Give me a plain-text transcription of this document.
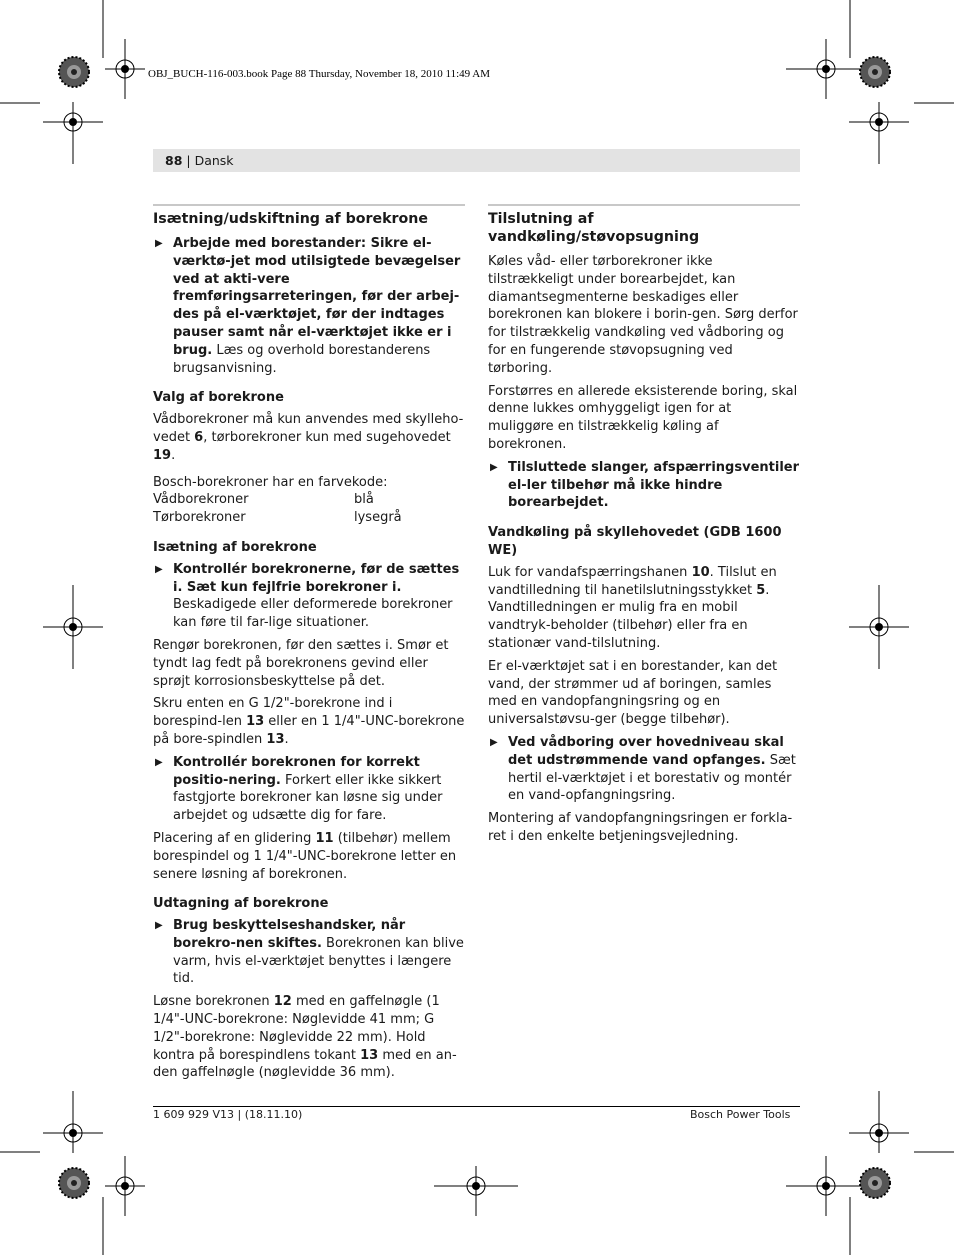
OBJ_BUCH-116-003.book Page 88 Thursday, November 18, 2010 11:49 AM
88 | Dansk
Isætning/udskiftning af borekrone
▶ Arbejde med borestander: Sikre el-værktø-jet mod utilsigtede bevægelser ved at akti-vere fremføringsarreteringen, før der arbej-des på el-værktøjet, før der indtages pauser samt når el-værktøjet ikke er i brug. Læs og overhold borestanderens brugsanvisning.
Valg af borekrone

Vådborekroner må kun anvendes med skylleho-vedet 6, tørborekroner kun med sugehovedet 19.

Bosch-borekroner har en farvekode:

Vådborekroner	blå
Tørborekroner	lysegrå
Isætning af borekrone
▶ Kontrollér borekronerne, før de sættes i. Sæt kun fejlfrie borekroner i. Beskadigede eller deformerede borekroner kan føre til far-lige situationer.

Rengør borekronen, før den sættes i. Smør et tyndt lag fedt på borekronens gevind eller sprøjt korrosionsbeskyttelse på det.

Skru enten en G 1/2"-borekrone ind i borespind-len 13 eller en 1 1/4"-UNC-borekrone på bore-spindlen 13.

▶ Kontrollér borekronen for korrekt positio-nering. Forkert eller ikke sikkert fastgjorte borekroner kan løsne sig under arbejdet og udsætte dig for fare.

Placering af en glidering 11 (tilbehør) mellem borespindel og 1 1/4"-UNC-borekrone letter en senere løsning af borekronen.

Udtagning af borekrone
▶ Brug beskyttelseshandsker, når borekro-nen skiftes. Borekronen kan blive varm, hvis el-værktøjet benyttes i længere tid.

Løsne borekronen 12 med en gaffelnøgle (1 1/4"-UNC-borekrone: Nøglevidde 41 mm; G 1/2"-borekrone: Nøglevidde 22 mm). Hold kontra på borespindlens tokant 13 med en an-den gaffelnøgle (nøglevidde 36 mm).

Tilslutning af vandkøling/støvopsugning

Køles våd- eller tørborekroner ikke tilstrækkeligt under borearbejdet, kan diamantsegmenterne beskadiges eller borekronen kan blokere i borin-gen. Sørg derfor for tilstrækkelig vandkøling ved vådboring og for en fungerende støvopsugning ved tørboring.

Forstørres en allerede eksisterende boring, skal denne lukkes omhyggeligt igen for at muliggøre en tilstrækkelig køling af borekronen.

▶ Tilsluttede slanger, afspærringsventiler el-ler tilbehør må ikke hindre borearbejdet.
Vandkøling på skyllehovedet (GDB 1600 WE)

Luk for vandafspærringshanen 10. Tilslut en vandtilledning til hanetilslutningsstykket 5. Vandtilledningen er mulig fra en mobil vandtryk-beholder (tilbehør) eller fra en stationær vand-tilslutning.

Er el-værktøjet sat i en borestander, kan det vand, der strømmer ud af boringen, samles med en vandopfangningsring og en universalstøvsu-ger (begge tilbehør).

▶ Ved vådboring over hovedniveau skal det udstrømmende vand opfanges. Sæt hertil el-værktøjet i et borestativ og montér en vand-opfangningsring.

Montering af vandopfangningsringen er forkla-ret i den enkelte betjeningsvejledning.

1 609 929 V13 | (18.11.10)	Bosch Power Tools
